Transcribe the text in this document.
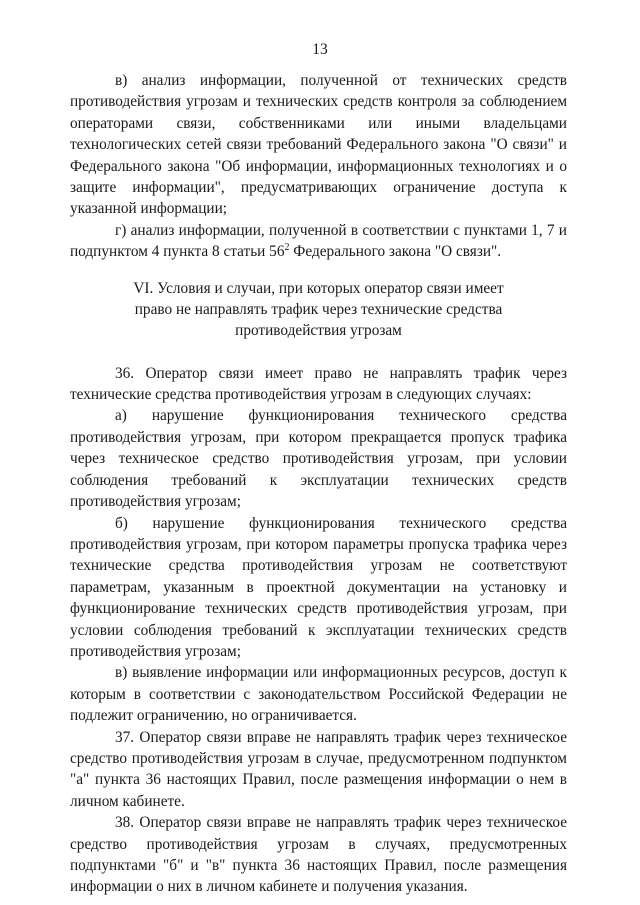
13

в) анализ информации, полученной от технических средств противодействия угрозам и технических средств контроля за соблюдением операторами связи, собственниками или иными владельцами технологических сетей связи требований Федерального закона "О связи" и Федерального закона "Об информации, информационных технологиях и о защите информации", предусматривающих ограничение доступа к указанной информации;

г) анализ информации, полученной в соответствии с пунктами 1, 7 и подпунктом 4 пункта 8 статьи $56^2$ Федерального закона "О связи".

VI. Условия и случаи, при которых оператор связи имеет
право не направлять трафик через технические средства
противодействия угрозам

36. Оператор связи имеет право не направлять трафик через технические средства противодействия угрозам в следующих случаях:

а) нарушение функционирования технического средства противодействия угрозам, при котором прекращается пропуск трафика через техническое средство противодействия угрозам, при условии соблюдения требований к эксплуатации технических средств противодействия угрозам;

б) нарушение функционирования технического средства противодействия угрозам, при котором параметры пропуска трафика через технические средства противодействия угрозам не соответствуют параметрам, указанным в проектной документации на установку и функционирование технических средств противодействия угрозам, при условии соблюдения требований к эксплуатации технических средств противодействия угрозам;

в) выявление информации или информационных ресурсов, доступ к которым в соответствии с законодательством Российской Федерации не подлежит ограничению, но ограничивается.

37. Оператор связи вправе не направлять трафик через техническое средство противодействия угрозам в случае, предусмотренном подпунктом "а" пункта 36 настоящих Правил, после размещения информации о нем в личном кабинете.

38. Оператор связи вправе не направлять трафик через техническое средство противодействия угрозам в случаях, предусмотренных подпунктами "б" и "в" пункта 36 настоящих Правил, после размещения информации о них в личном кабинете и получения указания.
